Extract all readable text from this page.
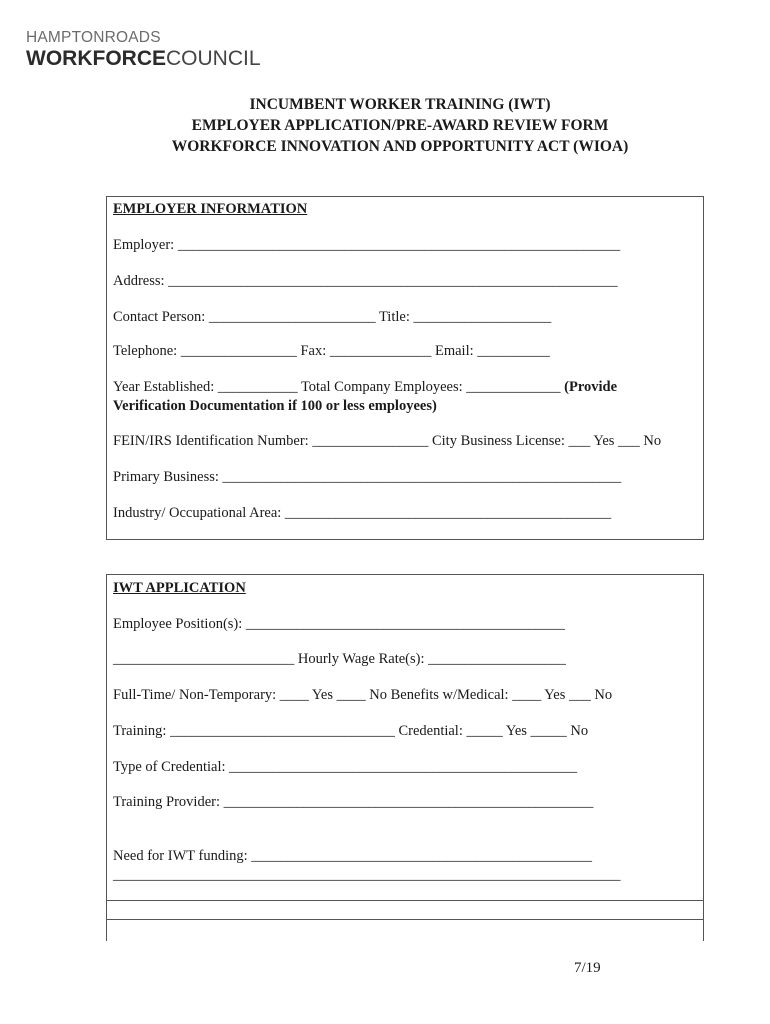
HAMPTONROADS
WORKFORCECOUNCIL
INCUMBENT WORKER TRAINING (IWT)
EMPLOYER APPLICATION/PRE-AWARD REVIEW FORM
WORKFORCE INNOVATION AND OPPORTUNITY ACT (WIOA)
EMPLOYER INFORMATION
Employer: _____________________________________________________________
Address: ______________________________________________________________
Contact Person: _______________________ Title: ___________________
Telephone: ________________ Fax: ______________ Email: __________
Year Established: ___________ Total Company Employees: _____________ (Provide
Verification Documentation if 100 or less employees)
FEIN/IRS Identification Number: ________________ City Business License: ___ Yes ___ No
Primary Business: _______________________________________________________
Industry/ Occupational Area: _____________________________________________
IWT APPLICATION
Employee Position(s): ____________________________________________
_________________________ Hourly Wage Rate(s): ___________________
Full-Time/ Non-Temporary: ____ Yes ____ No Benefits w/Medical: ____ Yes ___ No
Training: _______________________________ Credential: _____ Yes _____ No
Type of Credential: ________________________________________________
Training Provider: ___________________________________________________
Need for IWT funding: _______________________________________________
______________________________________________________________________
7/19
